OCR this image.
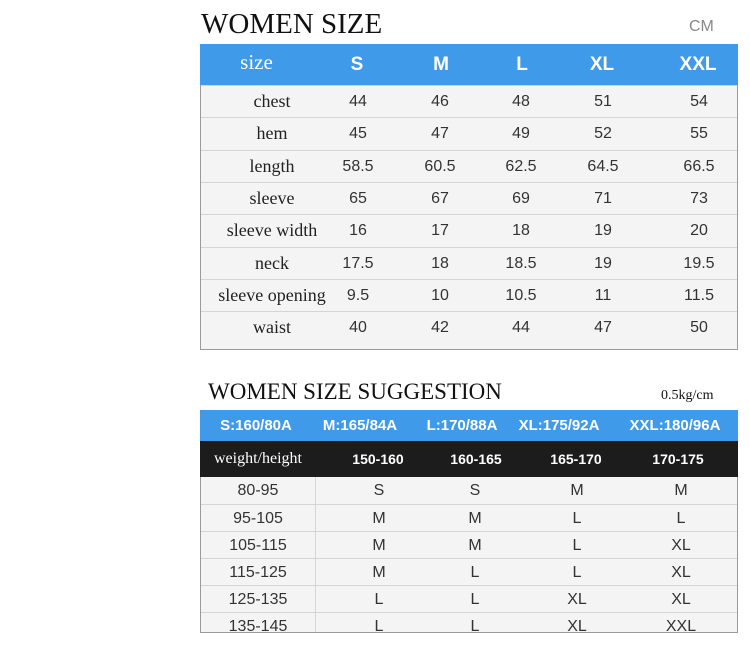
WOMEN SIZE	CM
size	S	M	L	XL	XXL
chest	44	46	48	51	54
hem	45	47	49	52	55
length	58.5	60.5	62.5	64.5	66.5
sleeve	65	67	69	71	73
sleeve width	16	17	18	19	20
neck	17.5	18	18.5	19	19.5
sleeve opening	9.5	10	10.5	11	11.5
waist	40	42	44	47	50
WOMEN SIZE SUGGESTION	0.5kg/cm
S:160/80A	M:165/84A	L:170/88A	XL:175/92A	XXL:180/96A
weight/height	150-160	160-165	165-170	170-175
80-95	S	S	M	M
95-105	M	M	L	L
105-115	M	M	L	XL
115-125	M	L	L	XL
125-135	L	L	XL	XL
135-145	L	L	XL	XXL
